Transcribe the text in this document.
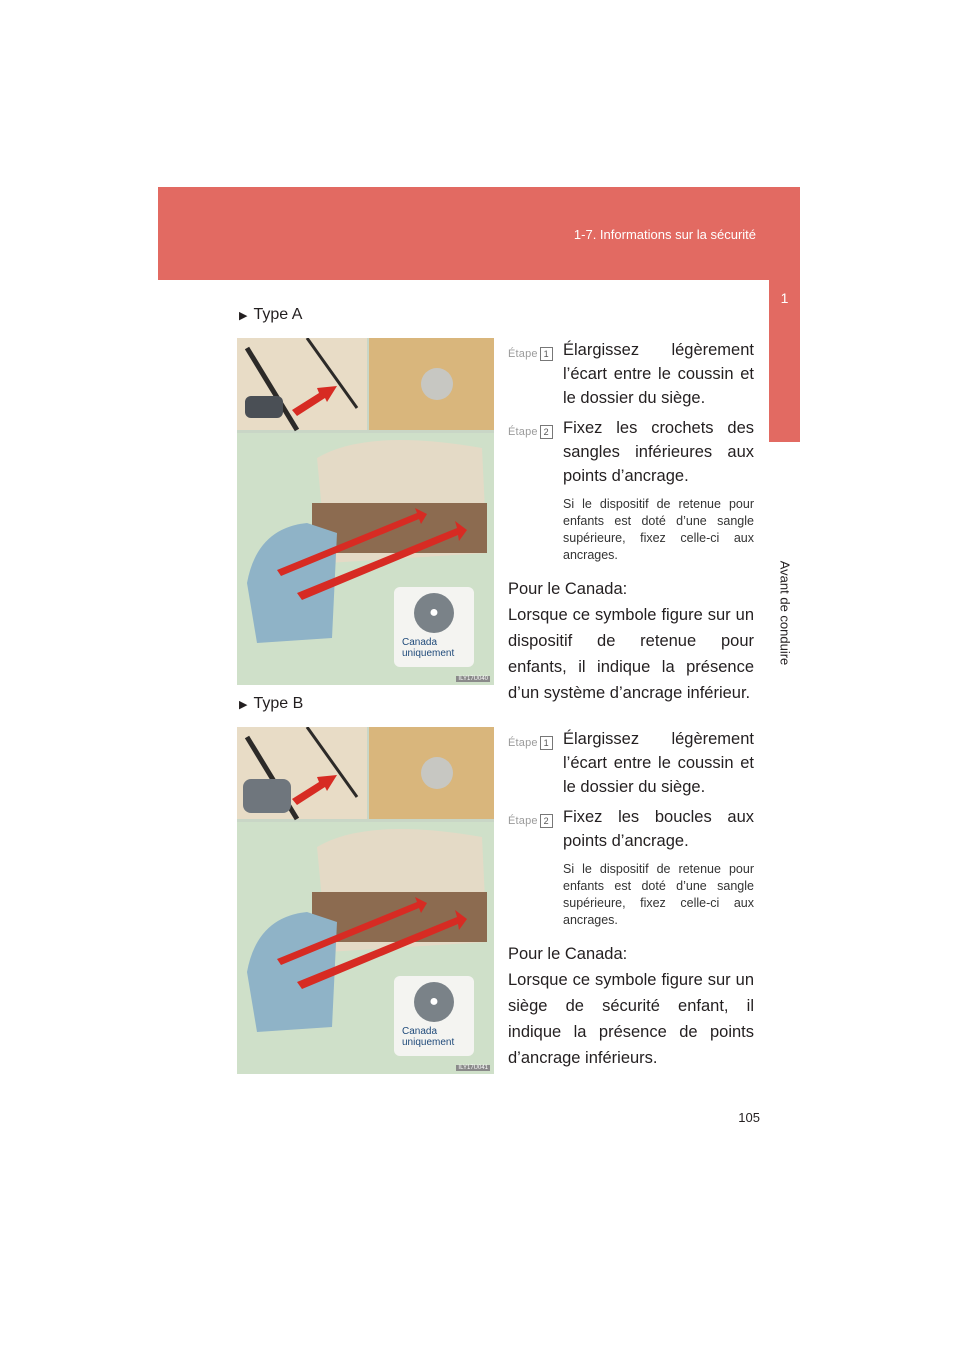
1-7. Informations sur la sécurité
1
Avant de conduire
▶ Type A
●
Canada
uniquement
ILY17U040
Étape 1 Élargissez légèrement l’écart entre le coussin et le dossier du siège.
Étape 2 Fixez les crochets des sangles inférieures aux points d’ancrage.
Si le dispositif de retenue pour enfants est doté d’une sangle supérieure, fixez celle-ci aux ancrages.
Pour le Canada:
Lorsque ce symbole figure sur un dispositif de retenue pour enfants, il indique la présence d’un système d’ancrage inférieur.
▶ Type B
●
Canada
uniquement
ILY17U041
Étape 1 Élargissez légèrement l’écart entre le coussin et le dossier du siège.
Étape 2 Fixez les boucles aux points d’ancrage.
Si le dispositif de retenue pour enfants est doté d’une sangle supérieure, fixez celle-ci aux ancrages.
Pour le Canada:
Lorsque ce symbole figure sur un siège de sécurité enfant, il indique la présence de points d’ancrage inférieurs.
105
